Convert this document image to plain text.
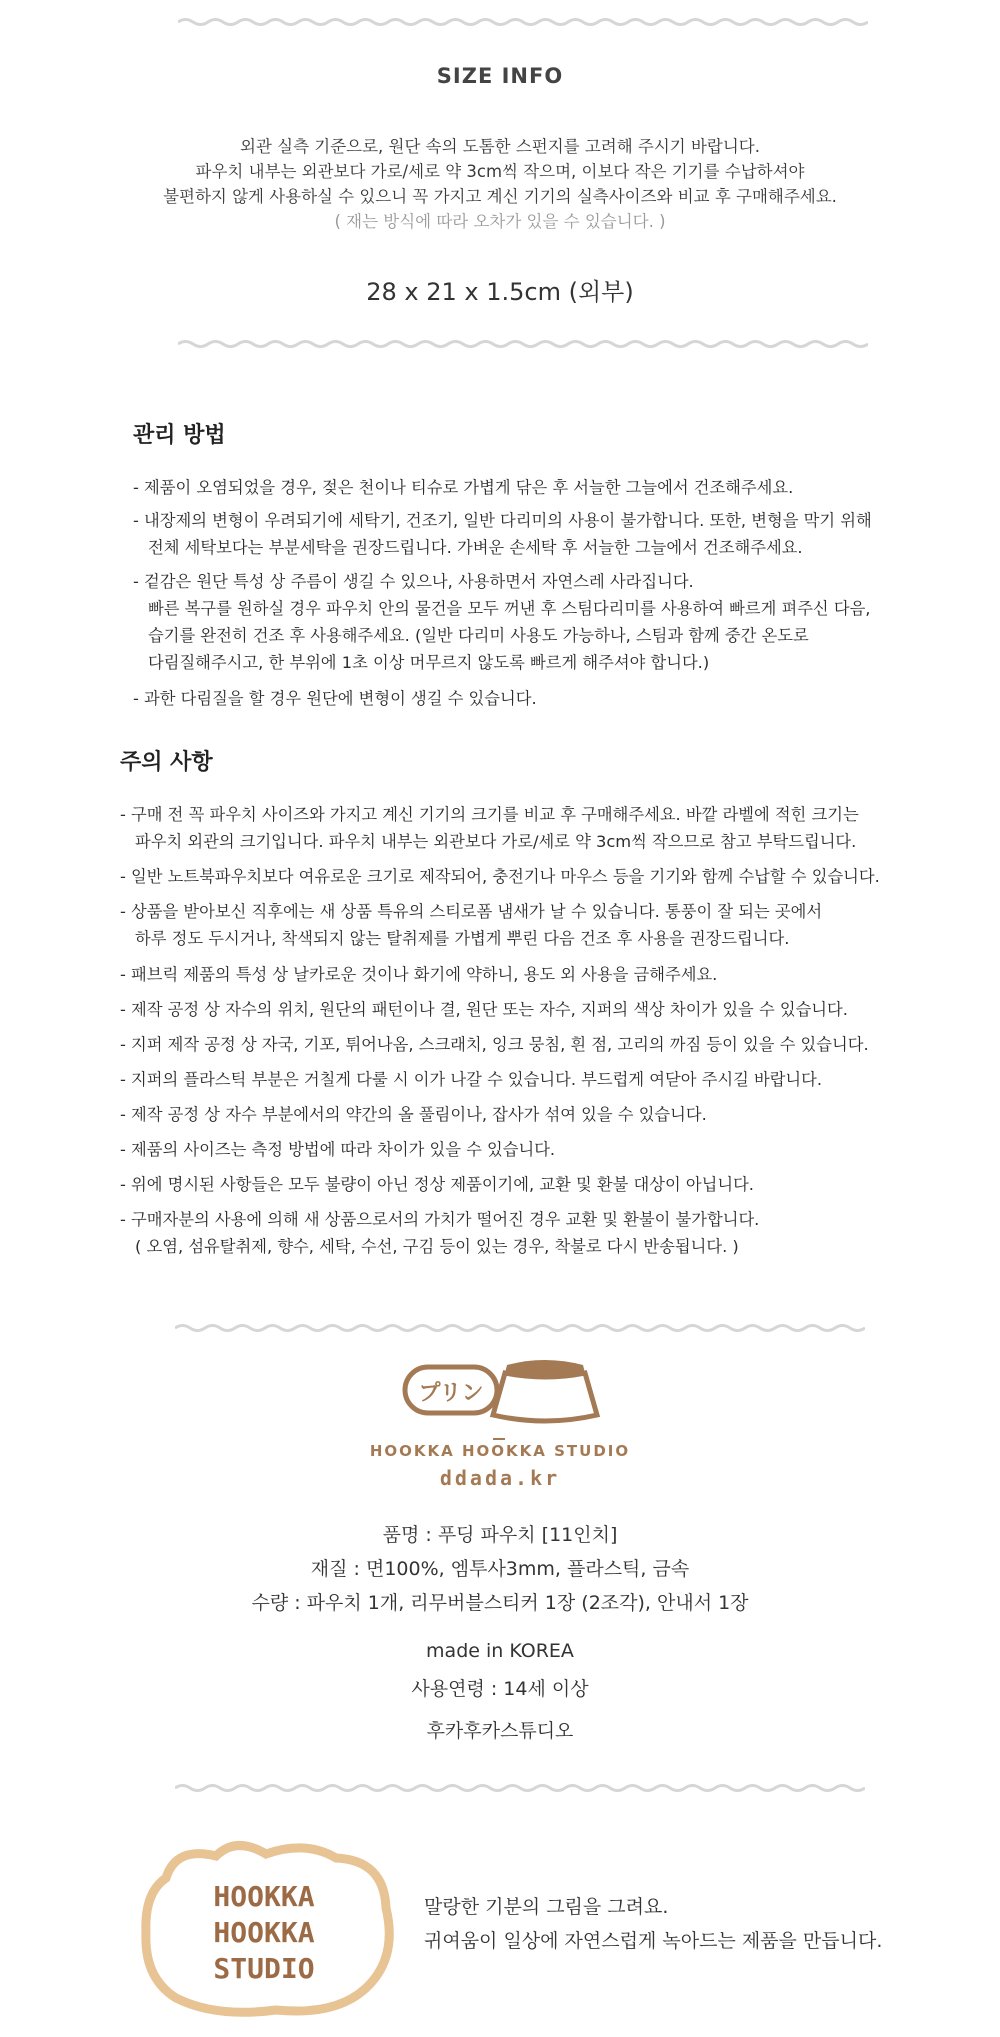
SIZE INFO
외관 실측 기준으로, 원단 속의 도톰한 스펀지를 고려해 주시기 바랍니다.
파우치 내부는 외관보다 가로/세로 약 3cm씩 작으며, 이보다 작은 기기를 수납하셔야
불편하지 않게 사용하실 수 있으니 꼭 가지고 계신 기기의 실측사이즈와 비교 후 구매해주세요.
( 재는 방식에 따라 오차가 있을 수 있습니다. )
28 x 21 x 1.5cm (외부)
관리 방법
- 제품이 오염되었을 경우, 젖은 천이나 티슈로 가볍게 닦은 후 서늘한 그늘에서 건조해주세요.
- 내장제의 변형이 우려되기에 세탁기, 건조기, 일반 다리미의 사용이 불가합니다. 또한, 변형을 막기 위해
전체 세탁보다는 부분세탁을 권장드립니다. 가벼운 손세탁 후 서늘한 그늘에서 건조해주세요.
- 겉감은 원단 특성 상 주름이 생길 수 있으나, 사용하면서 자연스레 사라집니다.
빠른 복구를 원하실 경우 파우치 안의 물건을 모두 꺼낸 후 스팀다리미를 사용하여 빠르게 펴주신 다음,
습기를 완전히 건조 후 사용해주세요. (일반 다리미 사용도 가능하나, 스팀과 함께 중간 온도로
다림질해주시고, 한 부위에 1초 이상 머무르지 않도록 빠르게 해주셔야 합니다.)
- 과한 다림질을 할 경우 원단에 변형이 생길 수 있습니다.
주의 사항
- 구매 전 꼭 파우치 사이즈와 가지고 계신 기기의 크기를 비교 후 구매해주세요. 바깥 라벨에 적힌 크기는
파우치 외관의 크기입니다. 파우치 내부는 외관보다 가로/세로 약 3cm씩 작으므로 참고 부탁드립니다.
- 일반 노트북파우치보다 여유로운 크기로 제작되어, 충전기나 마우스 등을 기기와 함께 수납할 수 있습니다.
- 상품을 받아보신 직후에는 새 상품 특유의 스티로폼 냄새가 날 수 있습니다. 통풍이 잘 되는 곳에서
하루 정도 두시거나, 착색되지 않는 탈취제를 가볍게 뿌린 다음 건조 후 사용을 권장드립니다.
- 패브릭 제품의 특성 상 날카로운 것이나 화기에 약하니, 용도 외 사용을 금해주세요.
- 제작 공정 상 자수의 위치, 원단의 패턴이나 결, 원단 또는 자수, 지퍼의 색상 차이가 있을 수 있습니다.
- 지퍼 제작 공정 상 자국, 기포, 튀어나옴, 스크래치, 잉크 뭉침, 흰 점, 고리의 까짐 등이 있을 수 있습니다.
- 지퍼의 플라스틱 부분은 거칠게 다룰 시 이가 나갈 수 있습니다. 부드럽게 여닫아 주시길 바랍니다.
- 제작 공정 상 자수 부분에서의 약간의 올 풀림이나, 잡사가 섞여 있을 수 있습니다.
- 제품의 사이즈는 측정 방법에 따라 차이가 있을 수 있습니다.
- 위에 명시된 사항들은 모두 불량이 아닌 정상 제품이기에, 교환 및 환불 대상이 아닙니다.
- 구매자분의 사용에 의해 새 상품으로서의 가치가 떨어진 경우 교환 및 환불이 불가합니다.
( 오염, 섬유탈취제, 향수, 세탁, 수선, 구김 등이 있는 경우, 착불로 다시 반송됩니다. )
プリン
HOOKKA HOOKKA STUDIO
ddada.kr
품명 : 푸딩 파우치 [11인치]
재질 : 면100%, 엠투사3mm, 플라스틱, 금속
수량 : 파우치 1개, 리무버블스티커 1장 (2조각), 안내서 1장
made in KOREA
사용연령 : 14세 이상
후카후카스튜디오
HOOKKA
HOOKKA
STUDIO
말랑한 기분의 그림을 그려요.
귀여움이 일상에 자연스럽게 녹아드는 제품을 만듭니다.
